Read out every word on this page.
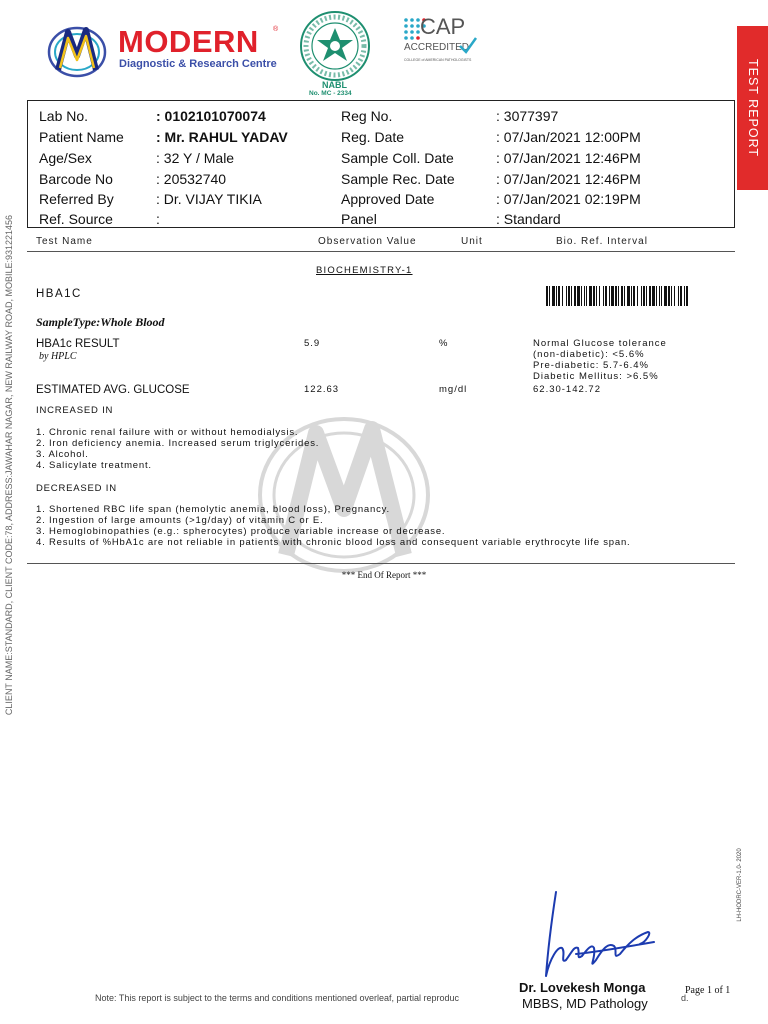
MODERN ®
Diagnostic & Research Centre
NABL
No. MC - 2334
CAP
ACCREDITED
COLLEGE of AMERICAN PATHOLOGISTS	TEST REPORT
CLIENT NAME:STANDARD, CLIENT CODE:78, ADDRESS:JAWAHAR NAGAR, NEW RAILWAY ROAD, MOBILE:931221456
Lab No.	: 0102101070074
Patient Name : Mr. RAHUL YADAV
Age/Sex	: 32 Y / Male
Barcode No	: 20532740
Referred By	: Dr. VIJAY TIKIA
Ref. Source	:
Reg No.	: 3077397
Reg. Date	: 07/Jan/2021 12:00PM
Sample Coll. Date	: 07/Jan/2021 12:46PM
Sample Rec. Date	: 07/Jan/2021 12:46PM
Approved Date	: 07/Jan/2021 02:19PM
Panel	: Standard
Test Name	Observation Value	Unit	Bio. Ref. Interval
BIOCHEMISTRY-1
HBA1C
SampleType:Whole Blood
HBA1c RESULT
by HPLC
5.9	%	Normal Glucose tolerance
(non-diabetic): <5.6%
Pre-diabetic: 5.7-6.4%
Diabetic Mellitus: >6.5%
ESTIMATED AVG. GLUCOSE	122.63	mg/dl	62.30-142.72
INCREASED IN
1. Chronic renal failure with or without hemodialysis.
2. Iron deficiency anemia. Increased serum triglycerides.
3. Alcohol.
4. Salicylate treatment.
DECREASED IN
1. Shortened RBC life span (hemolytic anemia, blood loss), Pregnancy.
2. Ingestion of large amounts (>1g/day) of vitamin C or E.
3. Hemoglobinopathies (e.g.: spherocytes) produce variable increase or decrease.
4. Results of %HbA1c are not reliable in patients with chronic blood loss and consequent variable erythrocyte life span.
*** End Of Report ***
LH-HODRC-VER-1.0- 2020
Dr. Lovekesh Monga
MBBS, MD Pathology
Page 1 of 1
Note: This report is subject to the terms and conditions mentioned overleaf, partial reproduc	d.
